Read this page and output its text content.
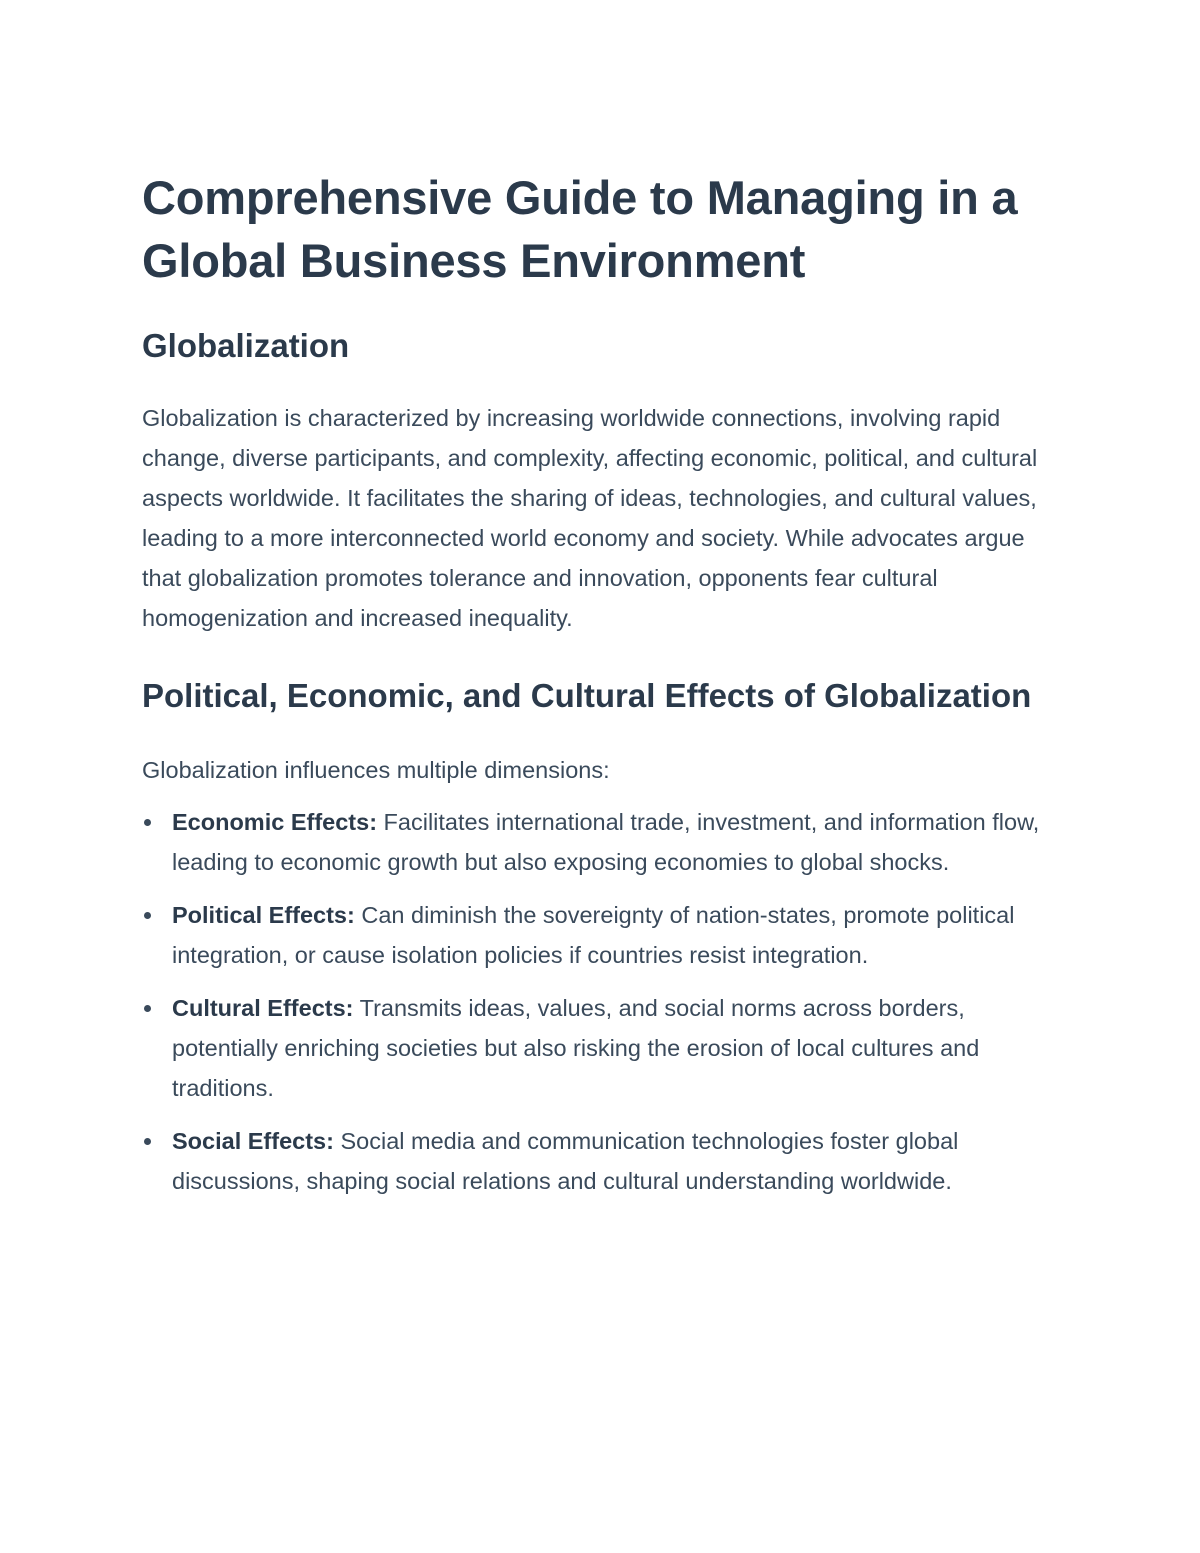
Comprehensive Guide to Managing in a Global Business Environment
Globalization

Globalization is characterized by increasing worldwide connections, involving rapid change, diverse participants, and complexity, affecting economic, political, and cultural aspects worldwide. It facilitates the sharing of ideas, technologies, and cultural values, leading to a more interconnected world economy and society. While advocates argue that globalization promotes tolerance and innovation, opponents fear cultural homogenization and increased inequality.

Political, Economic, and Cultural Effects of Globalization

Globalization influences multiple dimensions:

Economic Effects: Facilitates international trade, investment, and information flow, leading to economic growth but also exposing economies to global shocks.
Political Effects: Can diminish the sovereignty of nation-states, promote political integration, or cause isolation policies if countries resist integration.
Cultural Effects: Transmits ideas, values, and social norms across borders, potentially enriching societies but also risking the erosion of local cultures and traditions.
Social Effects: Social media and communication technologies foster global discussions, shaping social relations and cultural understanding worldwide.
